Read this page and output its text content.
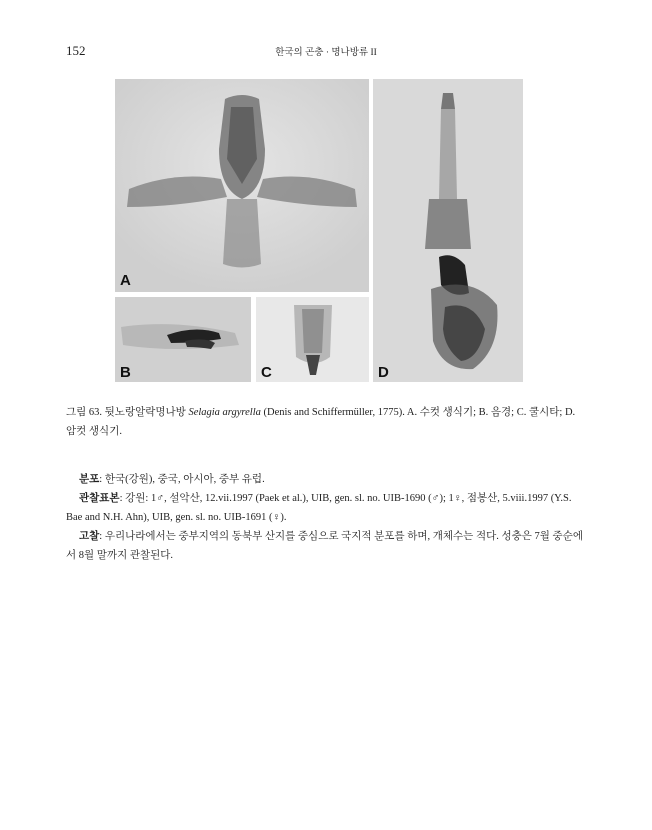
152	한국의 곤충 · 명나방류 II
A
B	C	D
그림 63. 뒷노랑알락명나방 Selagia argyrella (Denis and Schiffermüller, 1775). A. 수컷 생식기; B. 음경; C. 쿨시타; D. 암컷 생식기.

분포: 한국(강원), 중국, 아시아, 중부 유럽.

관찰표본: 강원: 1♂, 설악산, 12.vii.1997 (Paek et al.), UIB, gen. sl. no. UIB-1690 (♂); 1♀, 점봉산, 5.viii.1997 (Y.S. Bae and N.H. Ahn), UIB, gen. sl. no. UIB-1691 (♀).

고찰: 우리나라에서는 중부지역의 동북부 산지를 중심으로 국지적 분포를 하며, 개체수는 적다. 성충은 7월 중순에서 8월 말까지 관찰된다.
